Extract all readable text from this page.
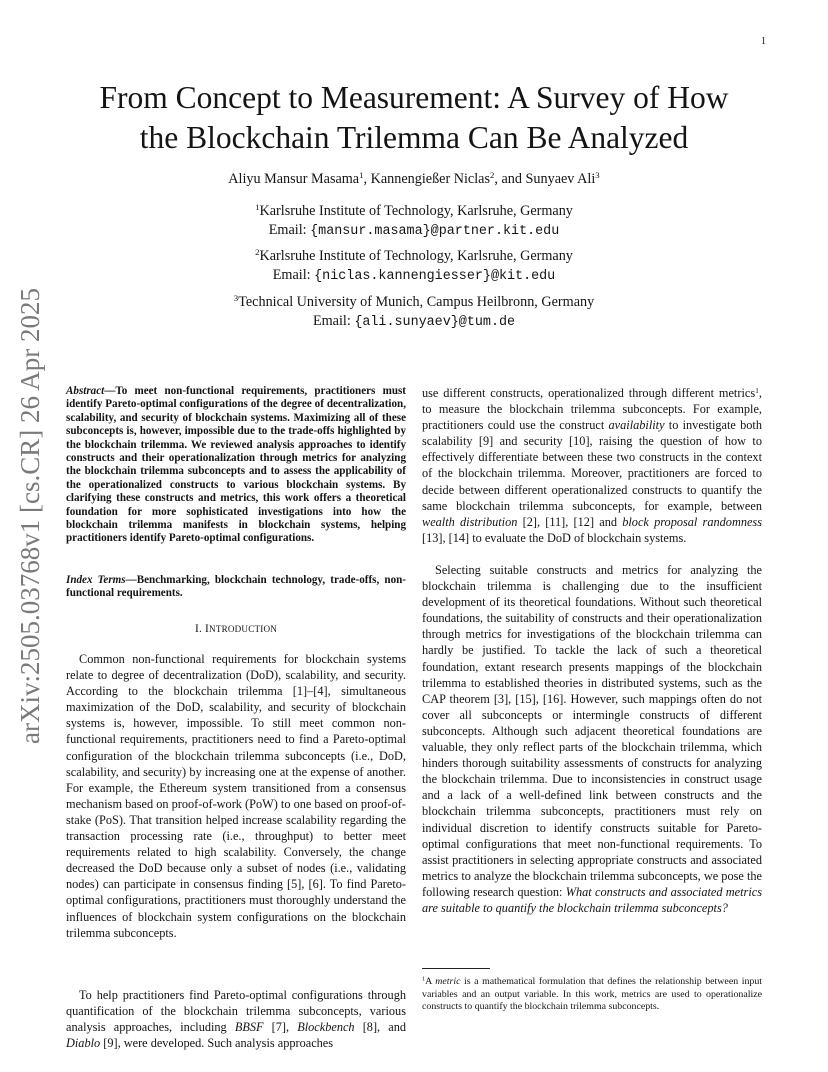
1
arXiv:2505.03768v1 [cs.CR] 26 Apr 2025
From Concept to Measurement: A Survey of How
the Blockchain Trilemma Can Be Analyzed
Aliyu Mansur Masama$^1$, Kannengießer Niclas$^2$, and Sunyaev Ali$^3$
$^1$Karlsruhe Institute of Technology, Karlsruhe, Germany
Email: {mansur.masama}@partner.kit.edu
$^2$Karlsruhe Institute of Technology, Karlsruhe, Germany
Email: {niclas.kannengiesser}@kit.edu
$^3$Technical University of Munich, Campus Heilbronn, Germany
Email: {ali.sunyaev}@tum.de

Abstract—To meet non-functional requirements, practitioners must identify Pareto-optimal configurations of the degree of decentralization, scalability, and security of blockchain systems. Maximizing all of these subconcepts is, however, impossible due to the trade-offs highlighted by the blockchain trilemma. We reviewed analysis approaches to identify constructs and their operationalization through metrics for analyzing the blockchain trilemma subconcepts and to assess the applicability of the operationalized constructs to various blockchain systems. By clarifying these constructs and metrics, this work offers a theoretical foundation for more sophisticated investigations into how the blockchain trilemma manifests in blockchain systems, helping practitioners identify Pareto-optimal configurations.

Index Terms—Benchmarking, blockchain technology, trade-offs, non-functional requirements.

I. INTRODUCTION

Common non-functional requirements for blockchain systems relate to degree of decentralization (DoD), scalability, and security. According to the blockchain trilemma [1]–[4], simultaneous maximization of the DoD, scalability, and security of blockchain systems is, however, impossible. To still meet common non-functional requirements, practitioners need to find a Pareto-optimal configuration of the blockchain trilemma subconcepts (i.e., DoD, scalability, and security) by increasing one at the expense of another. For example, the Ethereum system transitioned from a consensus mechanism based on proof-of-work (PoW) to one based on proof-of-stake (PoS). That transition helped increase scalability regarding the transaction processing rate (i.e., throughput) to better meet requirements related to high scalability. Conversely, the change decreased the DoD because only a subset of nodes (i.e., validating nodes) can participate in consensus finding [5], [6]. To find Pareto-optimal configurations, practitioners must thoroughly understand the influences of blockchain system configurations on the blockchain trilemma subconcepts.

To help practitioners find Pareto-optimal configurations through quantification of the blockchain trilemma subconcepts, various analysis approaches, including BBSF [7], Blockbench [8], and Diablo [9], were developed. Such analysis approaches

use different constructs, operationalized through different metrics$^1$, to measure the blockchain trilemma subconcepts. For example, practitioners could use the construct availability to investigate both scalability [9] and security [10], raising the question of how to effectively differentiate between these two constructs in the context of the blockchain trilemma. Moreover, practitioners are forced to decide between different operationalized constructs to quantify the same blockchain trilemma subconcepts, for example, between wealth distribution [2], [11], [12] and block proposal randomness [13], [14] to evaluate the DoD of blockchain systems.

Selecting suitable constructs and metrics for analyzing the blockchain trilemma is challenging due to the insufficient development of its theoretical foundations. Without such theoretical foundations, the suitability of constructs and their operationalization through metrics for investigations of the blockchain trilemma can hardly be justified. To tackle the lack of such a theoretical foundation, extant research presents mappings of the blockchain trilemma to established theories in distributed systems, such as the CAP theorem [3], [15], [16]. However, such mappings often do not cover all subconcepts or intermingle constructs of different subconcepts. Although such adjacent theoretical foundations are valuable, they only reflect parts of the blockchain trilemma, which hinders thorough suitability assessments of constructs for analyzing the blockchain trilemma. Due to inconsistencies in construct usage and a lack of a well-defined link between constructs and the blockchain trilemma subconcepts, practitioners must rely on individual discretion to identify constructs suitable for Pareto-optimal configurations that meet non-functional requirements. To assist practitioners in selecting appropriate constructs and associated metrics to analyze the blockchain trilemma subconcepts, we pose the following research question: What constructs and associated metrics are suitable to quantify the blockchain trilemma subconcepts?

$^1$A metric is a mathematical formulation that defines the relationship between input variables and an output variable. In this work, metrics are used to operationalize constructs to quantify the blockchain trilemma subconcepts.
